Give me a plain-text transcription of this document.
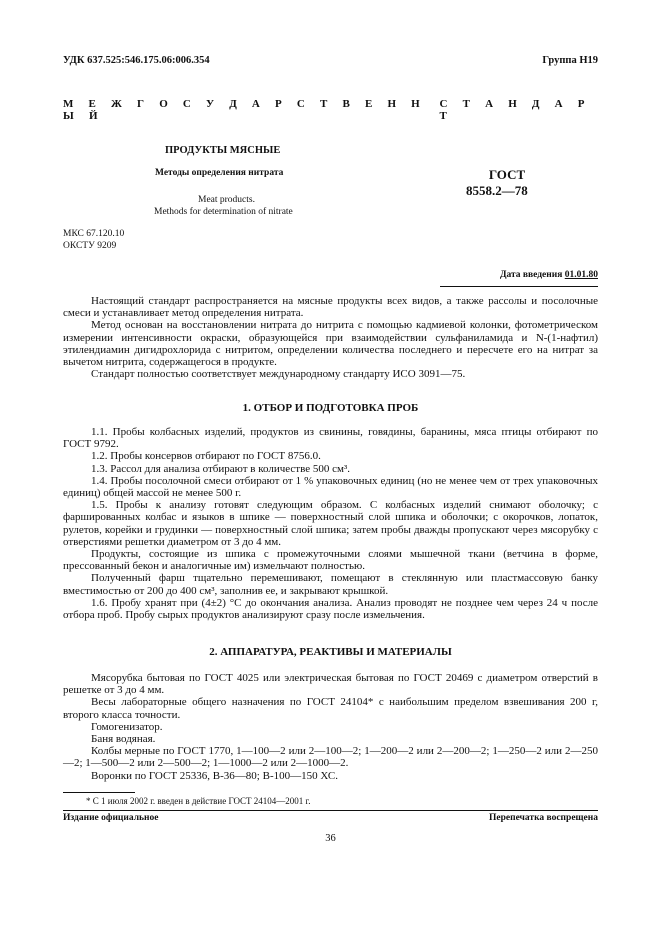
УДК 637.525:546.175.06:006.354	Группа Н19
М Е Ж Г О С У Д А Р С Т В Е Н Н Ы Й
С Т А Н Д А Р Т
ПРОДУКТЫ МЯСНЫЕ
Методы определения нитрата
Meat products.
Methods for determination of nitrate
ГОСТ
8558.2—78
МКС 67.120.10
ОКСТУ 9209
Дата введения 01.01.80

Настоящий стандарт распространяется на мясные продукты всех видов, а также рассолы и посолочные смеси и устанавливает метод определения нитрата.

Метод основан на восстановлении нитрата до нитрита с помощью кадмиевой колонки, фотометрическом измерении интенсивности окраски, образующейся при взаимодействии сульфаниламида и N-(1-нафтил) этилендиамин дигидрохлорида с нитритом, определении количества последнего и пересчете его на нитрат за вычетом нитрита, содержащегося в продукте.

Стандарт полностью соответствует международному стандарту ИСО 3091—75.

1. ОТБОР И ПОДГОТОВКА ПРОБ

1.1. Пробы колбасных изделий, продуктов из свинины, говядины, баранины, мяса птицы отбирают по ГОСТ 9792.

1.2. Пробы консервов отбирают по ГОСТ 8756.0.

1.3. Рассол для анализа отбирают в количестве 500 см³.

1.4. Пробы посолочной смеси отбирают от 1 % упаковочных единиц (но не менее чем от трех упаковочных единиц) общей массой не менее 500 г.

1.5. Пробы к анализу готовят следующим образом. С колбасных изделий снимают оболочку; с фаршированных колбас и языков в шпике — поверхностный слой шпика и оболочки; с окорочков, лопаток, рулетов, корейки и грудинки — поверхностный слой шпика; затем пробы дважды пропускают через мясорубку с отверстиями решетки диаметром от 3 до 4 мм.

Продукты, состоящие из шпика с промежуточными слоями мышечной ткани (ветчина в форме, прессованный бекон и аналогичные им) измельчают полностью.

Полученный фарш тщательно перемешивают, помещают в стеклянную или пластмассовую банку вместимостью от 200 до 400 см³, заполнив ее, и закрывают крышкой.

1.6. Пробу хранят при (4±2) °С до окончания анализа. Анализ проводят не позднее чем через 24 ч после отбора проб. Пробу сырых продуктов анализируют сразу после измельчения.

2. АППАРАТУРА, РЕАКТИВЫ И МАТЕРИАЛЫ

Мясорубка бытовая по ГОСТ 4025 или электрическая бытовая по ГОСТ 20469 с диаметром отверстий в решетке от 3 до 4 мм.

Весы лабораторные общего назначения по ГОСТ 24104* с наибольшим пределом взвешивания 200 г, второго класса точности.

Гомогенизатор.

Баня водяная.

Колбы мерные по ГОСТ 1770, 1—100—2 или 2—100—2; 1—200—2 или 2—200—2; 1—250—2 или 2—250—2; 1—500—2 или 2—500—2; 1—1000—2 или 2—1000—2.

Воронки по ГОСТ 25336, В-36—80; В-100—150 ХС.

* С 1 июля 2002 г. введен в действие ГОСТ 24104—2001 г.
Издание официальное	Перепечатка воспрещена
36
